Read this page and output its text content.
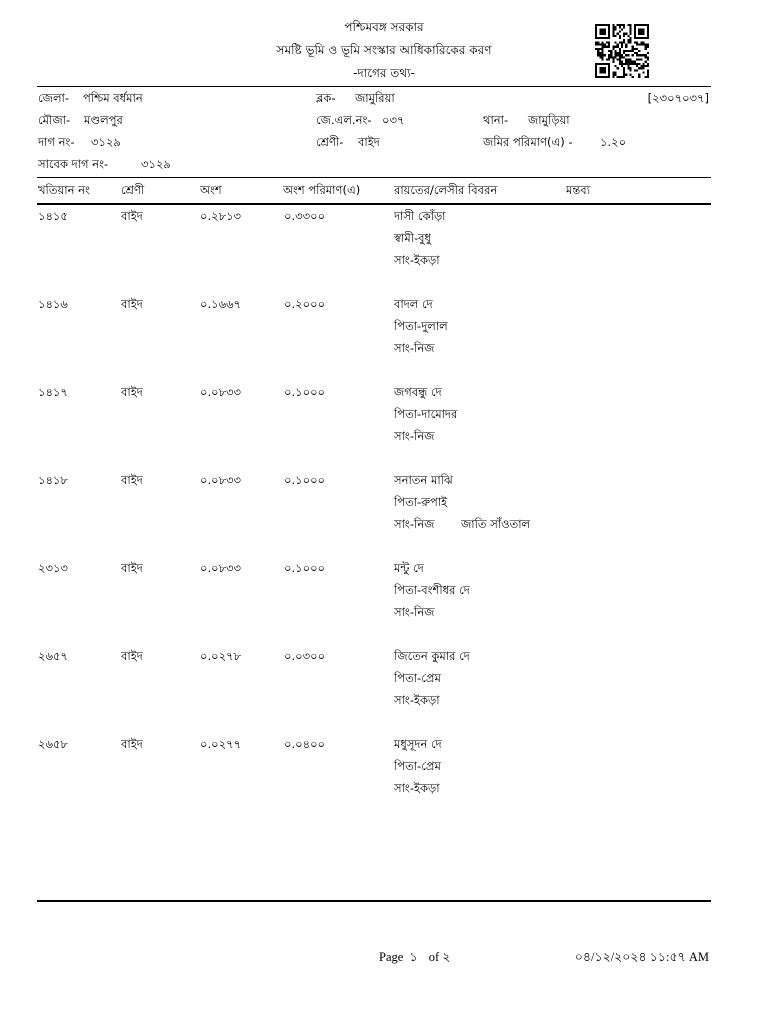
পশ্চিমবঙ্গ সরকার
সমষ্টি ভূমি ও ভূমি সংস্কার আধিকারিকের করণ
-দাগের তথ্য-
জেলা- পশ্চিম বর্ধমান	ব্লক- জামুরিয়া	[২৩০৭০৩৭]
মৌজা- মণ্ডলপুর	জে.এল.নং- ০৩৭	থানা- জামুড়িয়া
দাগ নং- ৩১২৯	শ্রেণী- বাইদ	জমির পরিমাণ(এ) - ১.২০
সাবেক দাগ নং-	৩১২৯
খতিয়ান নং	শ্রেণী	অংশ	অংশ পরিমাণ(এ)	রায়তের/লেসীর বিবরন	মন্তব্য
১৪১৫	বাইদ	০.২৮১৩	০.৩৩০০	দাসী কোঁড়া
স্বামী-বুধু
সাং-ইকড়া
১৪১৬	বাইদ	০.১৬৬৭	০.২০০০	বাদল দে
পিতা-দুলাল
সাং-নিজ
১৪১৭	বাইদ	০.০৮৩৩	০.১০০০	জগবন্ধু দে
পিতা-দামোদর
সাং-নিজ
১৪১৮	বাইদ	০.০৮৩৩	০.১০০০	সনাতন মাঝি
পিতা-রুপাই
সাং-নিজ জাতি সাঁওতাল
২৩১৩	বাইদ	০.০৮৩৩	০.১০০০	মন্টু দে
পিতা-বংশীধর দে
সাং-নিজ
২৬৫৭	বাইদ	০.০২৭৮	০.০৩০০	জিতেন কুমার দে
পিতা-প্রেম
সাং-ইকড়া
২৬৫৮	বাইদ	০.০২৭৭	০.০৪০০	মধুসূদন দে
পিতা-প্রেম
সাং-ইকড়া
Page ১ of ২	০৪/১২/২০২৪ ১১:৫৭ AM
